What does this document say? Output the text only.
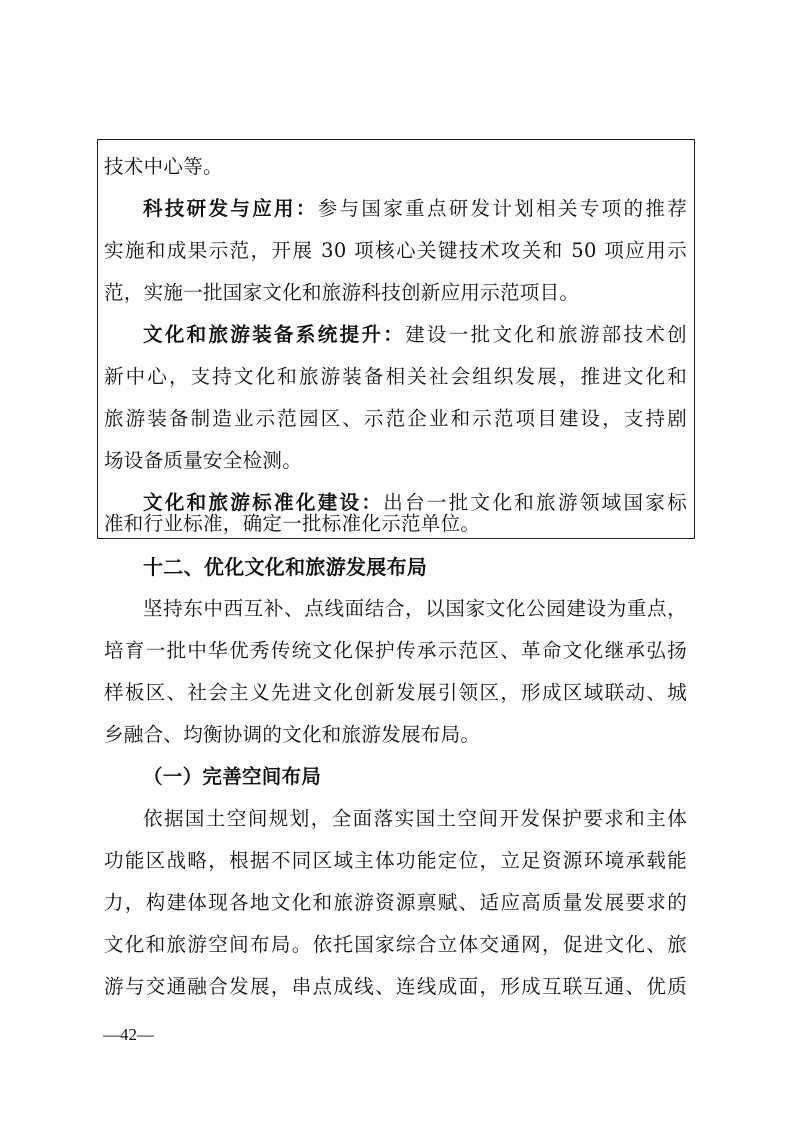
技术中心等。
科技研发与应用：参与国家重点研发计划相关专项的推荐
实施和成果示范，开展 30 项核心关键技术攻关和 50 项应用示
范，实施一批国家文化和旅游科技创新应用示范项目。
文化和旅游装备系统提升：建设一批文化和旅游部技术创
新中心，支持文化和旅游装备相关社会组织发展，推进文化和
旅游装备制造业示范园区、示范企业和示范项目建设，支持剧
场设备质量安全检测。
文化和旅游标准化建设：出台一批文化和旅游领域国家标
准和行业标准，确定一批标准化示范单位。
十二、优化文化和旅游发展布局
坚持东中西互补、点线面结合，以国家文化公园建设为重点，
培育一批中华优秀传统文化保护传承示范区、革命文化继承弘扬
样板区、社会主义先进文化创新发展引领区，形成区域联动、城
乡融合、均衡协调的文化和旅游发展布局。
（一）完善空间布局
依据国土空间规划，全面落实国土空间开发保护要求和主体
功能区战略，根据不同区域主体功能定位，立足资源环境承载能
力，构建体现各地文化和旅游资源禀赋、适应高质量发展要求的
文化和旅游空间布局。依托国家综合立体交通网，促进文化、旅
游与交通融合发展，串点成线、连线成面，形成互联互通、优质
—42—
